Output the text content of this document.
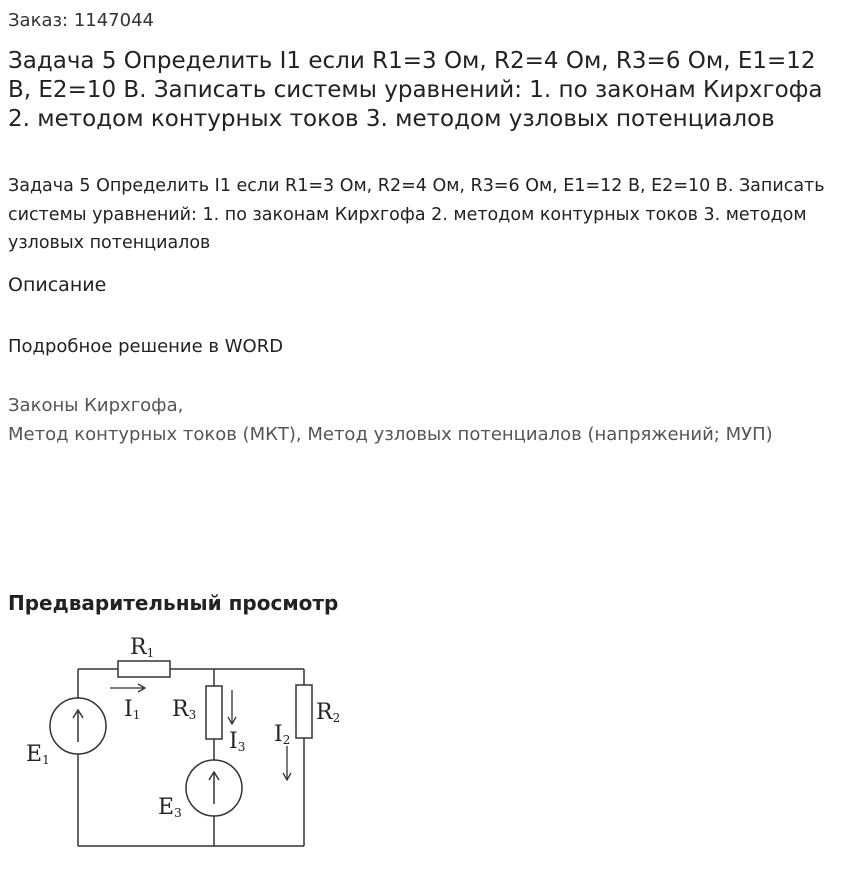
Заказ: 1147044
Задача 5 Определить I1 если R1=3 Ом, R2=4 Ом, R3=6 Ом, E1=12 В, E2=10 В. Записать системы уравнений: 1. по законам Кирхгофа 2. методом контурных токов 3. методом узловых потенциалов
Задача 5 Определить I1 если R1=3 Ом, R2=4 Ом, R3=6 Ом, E1=12 В, E2=10 В. Записать системы уравнений: 1. по законам Кирхгофа 2. методом контурных токов 3. методом узловых потенциалов
Описание
Подробное решение в WORD
Законы Кирхгофа,
Метод контурных токов (МКТ), Метод узловых потенциалов (напряжений; МУП)
Предварительный просмотр
R1
I1 R3
I3
R2
I2
E1
E3
